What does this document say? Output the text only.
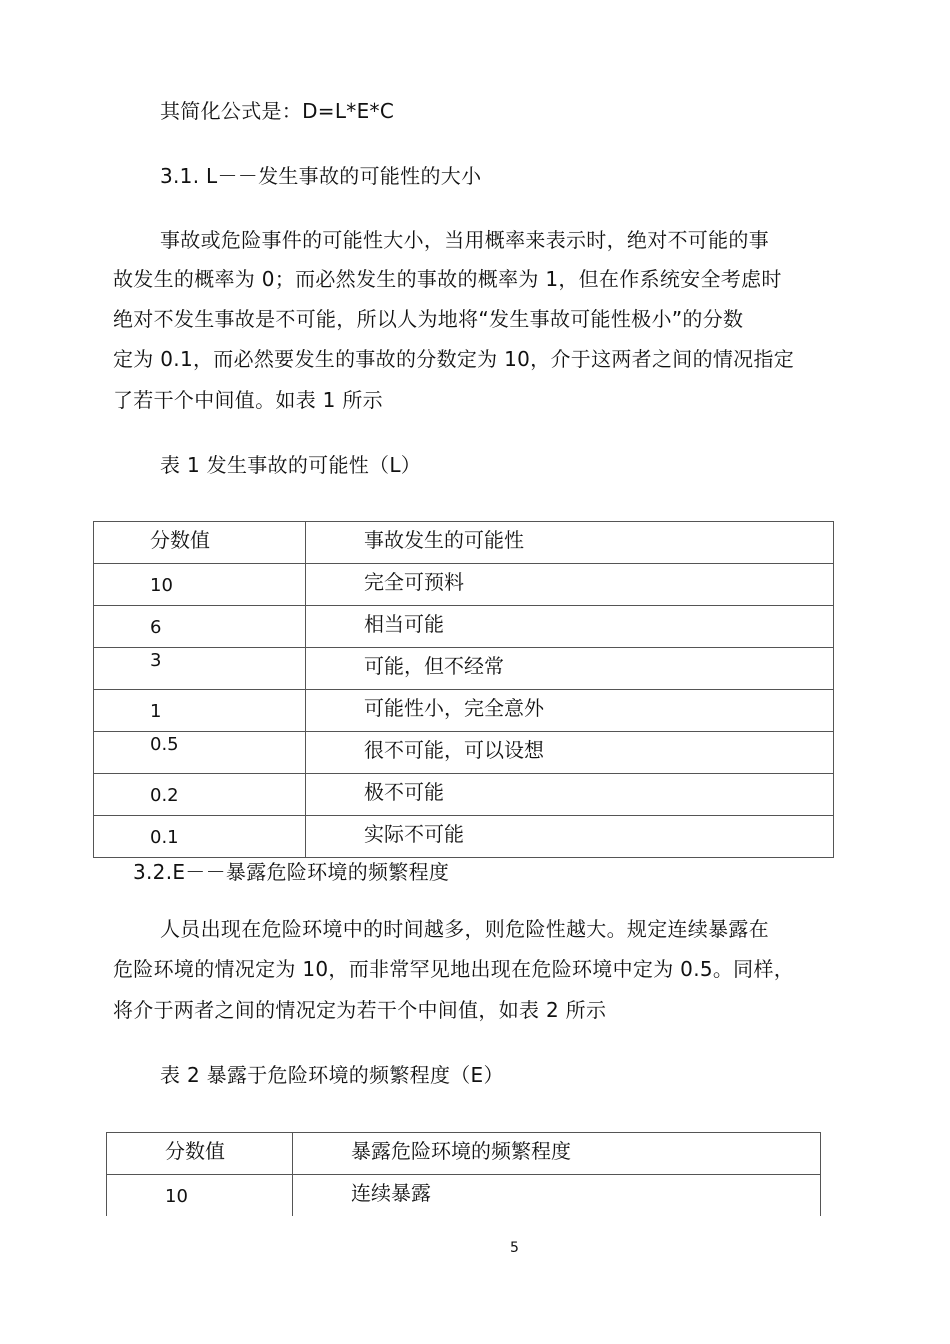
其简化公式是：D=L*E*C
3.1. L－－发生事故的可能性的大小
事故或危险事件的可能性大小，当用概率来表示时，绝对不可能的事
故发生的概率为 0；而必然发生的事故的概率为 1，但在作系统安全考虑时
绝对不发生事故是不可能，所以人为地将“发生事故可能性极小”的分数
定为 0.1，而必然要发生的事故的分数定为 10，介于这两者之间的情况指定
了若干个中间值。如表 1 所示
表 1 发生事故的可能性（L）
分数值	事故发生的可能性

10	完全可预料

6	相当可能

3	可能，但不经常

1	可能性小，完全意外

0.5	很不可能，可以设想

0.2	极不可能

0.1	实际不可能
3.2.E－－暴露危险环境的频繁程度
人员出现在危险环境中的时间越多，则危险性越大。规定连续暴露在
危险环境的情况定为 10，而非常罕见地出现在危险环境中定为 0.5。同样，
将介于两者之间的情况定为若干个中间值，如表 2 所示
表 2 暴露于危险环境的频繁程度（E）
分数值	暴露危险环境的频繁程度

10	连续暴露
5
